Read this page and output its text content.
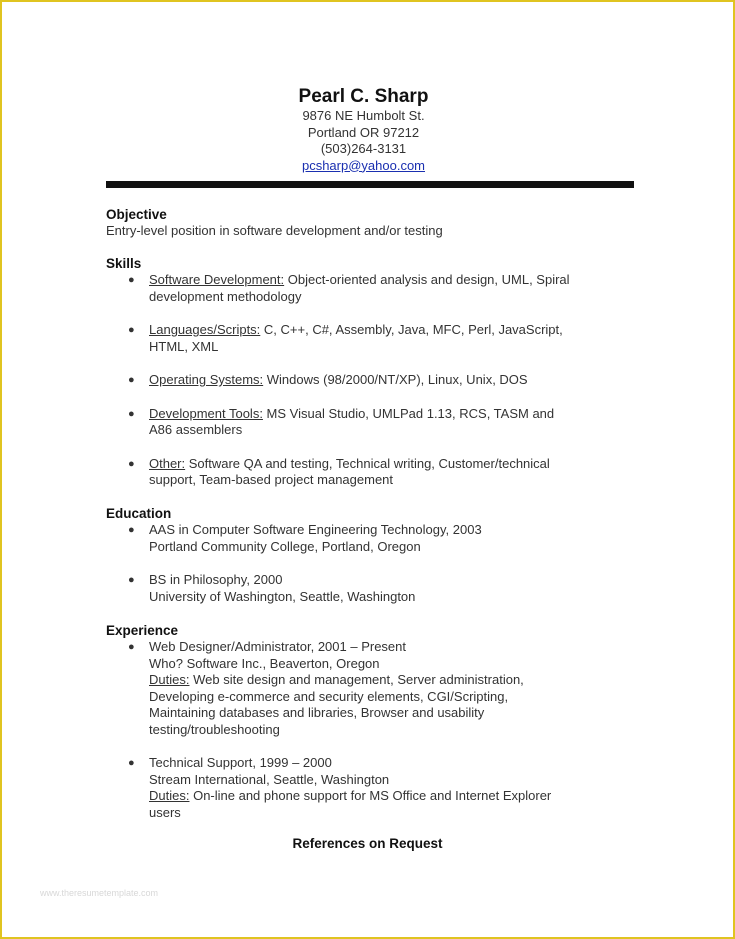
Pearl C. Sharp
9876 NE Humbolt St.
Portland OR 97212
(503)264-3131
pcsharp@yahoo.com
Objective
Entry-level position in software development and/or testing
Skills
● Software Development: Object-oriented analysis and design, UML, Spiral
development methodology
● Languages/Scripts: C, C++, C#, Assembly, Java, MFC, Perl, JavaScript,
HTML, XML
● Operating Systems: Windows (98/2000/NT/XP), Linux, Unix, DOS
● Development Tools: MS Visual Studio, UMLPad 1.13, RCS, TASM and
A86 assemblers
● Other: Software QA and testing, Technical writing, Customer/technical
support, Team-based project management
Education
● AAS in Computer Software Engineering Technology, 2003
Portland Community College, Portland, Oregon
● BS in Philosophy, 2000
University of Washington, Seattle, Washington
Experience
● Web Designer/Administrator, 2001 – Present
Who? Software Inc., Beaverton, Oregon
Duties: Web site design and management, Server administration,
Developing e-commerce and security elements, CGI/Scripting,
Maintaining databases and libraries, Browser and usability
testing/troubleshooting
● Technical Support, 1999 – 2000
Stream International, Seattle, Washington
Duties: On-line and phone support for MS Office and Internet Explorer
users
References on Request
www.theresumetemplate.com
